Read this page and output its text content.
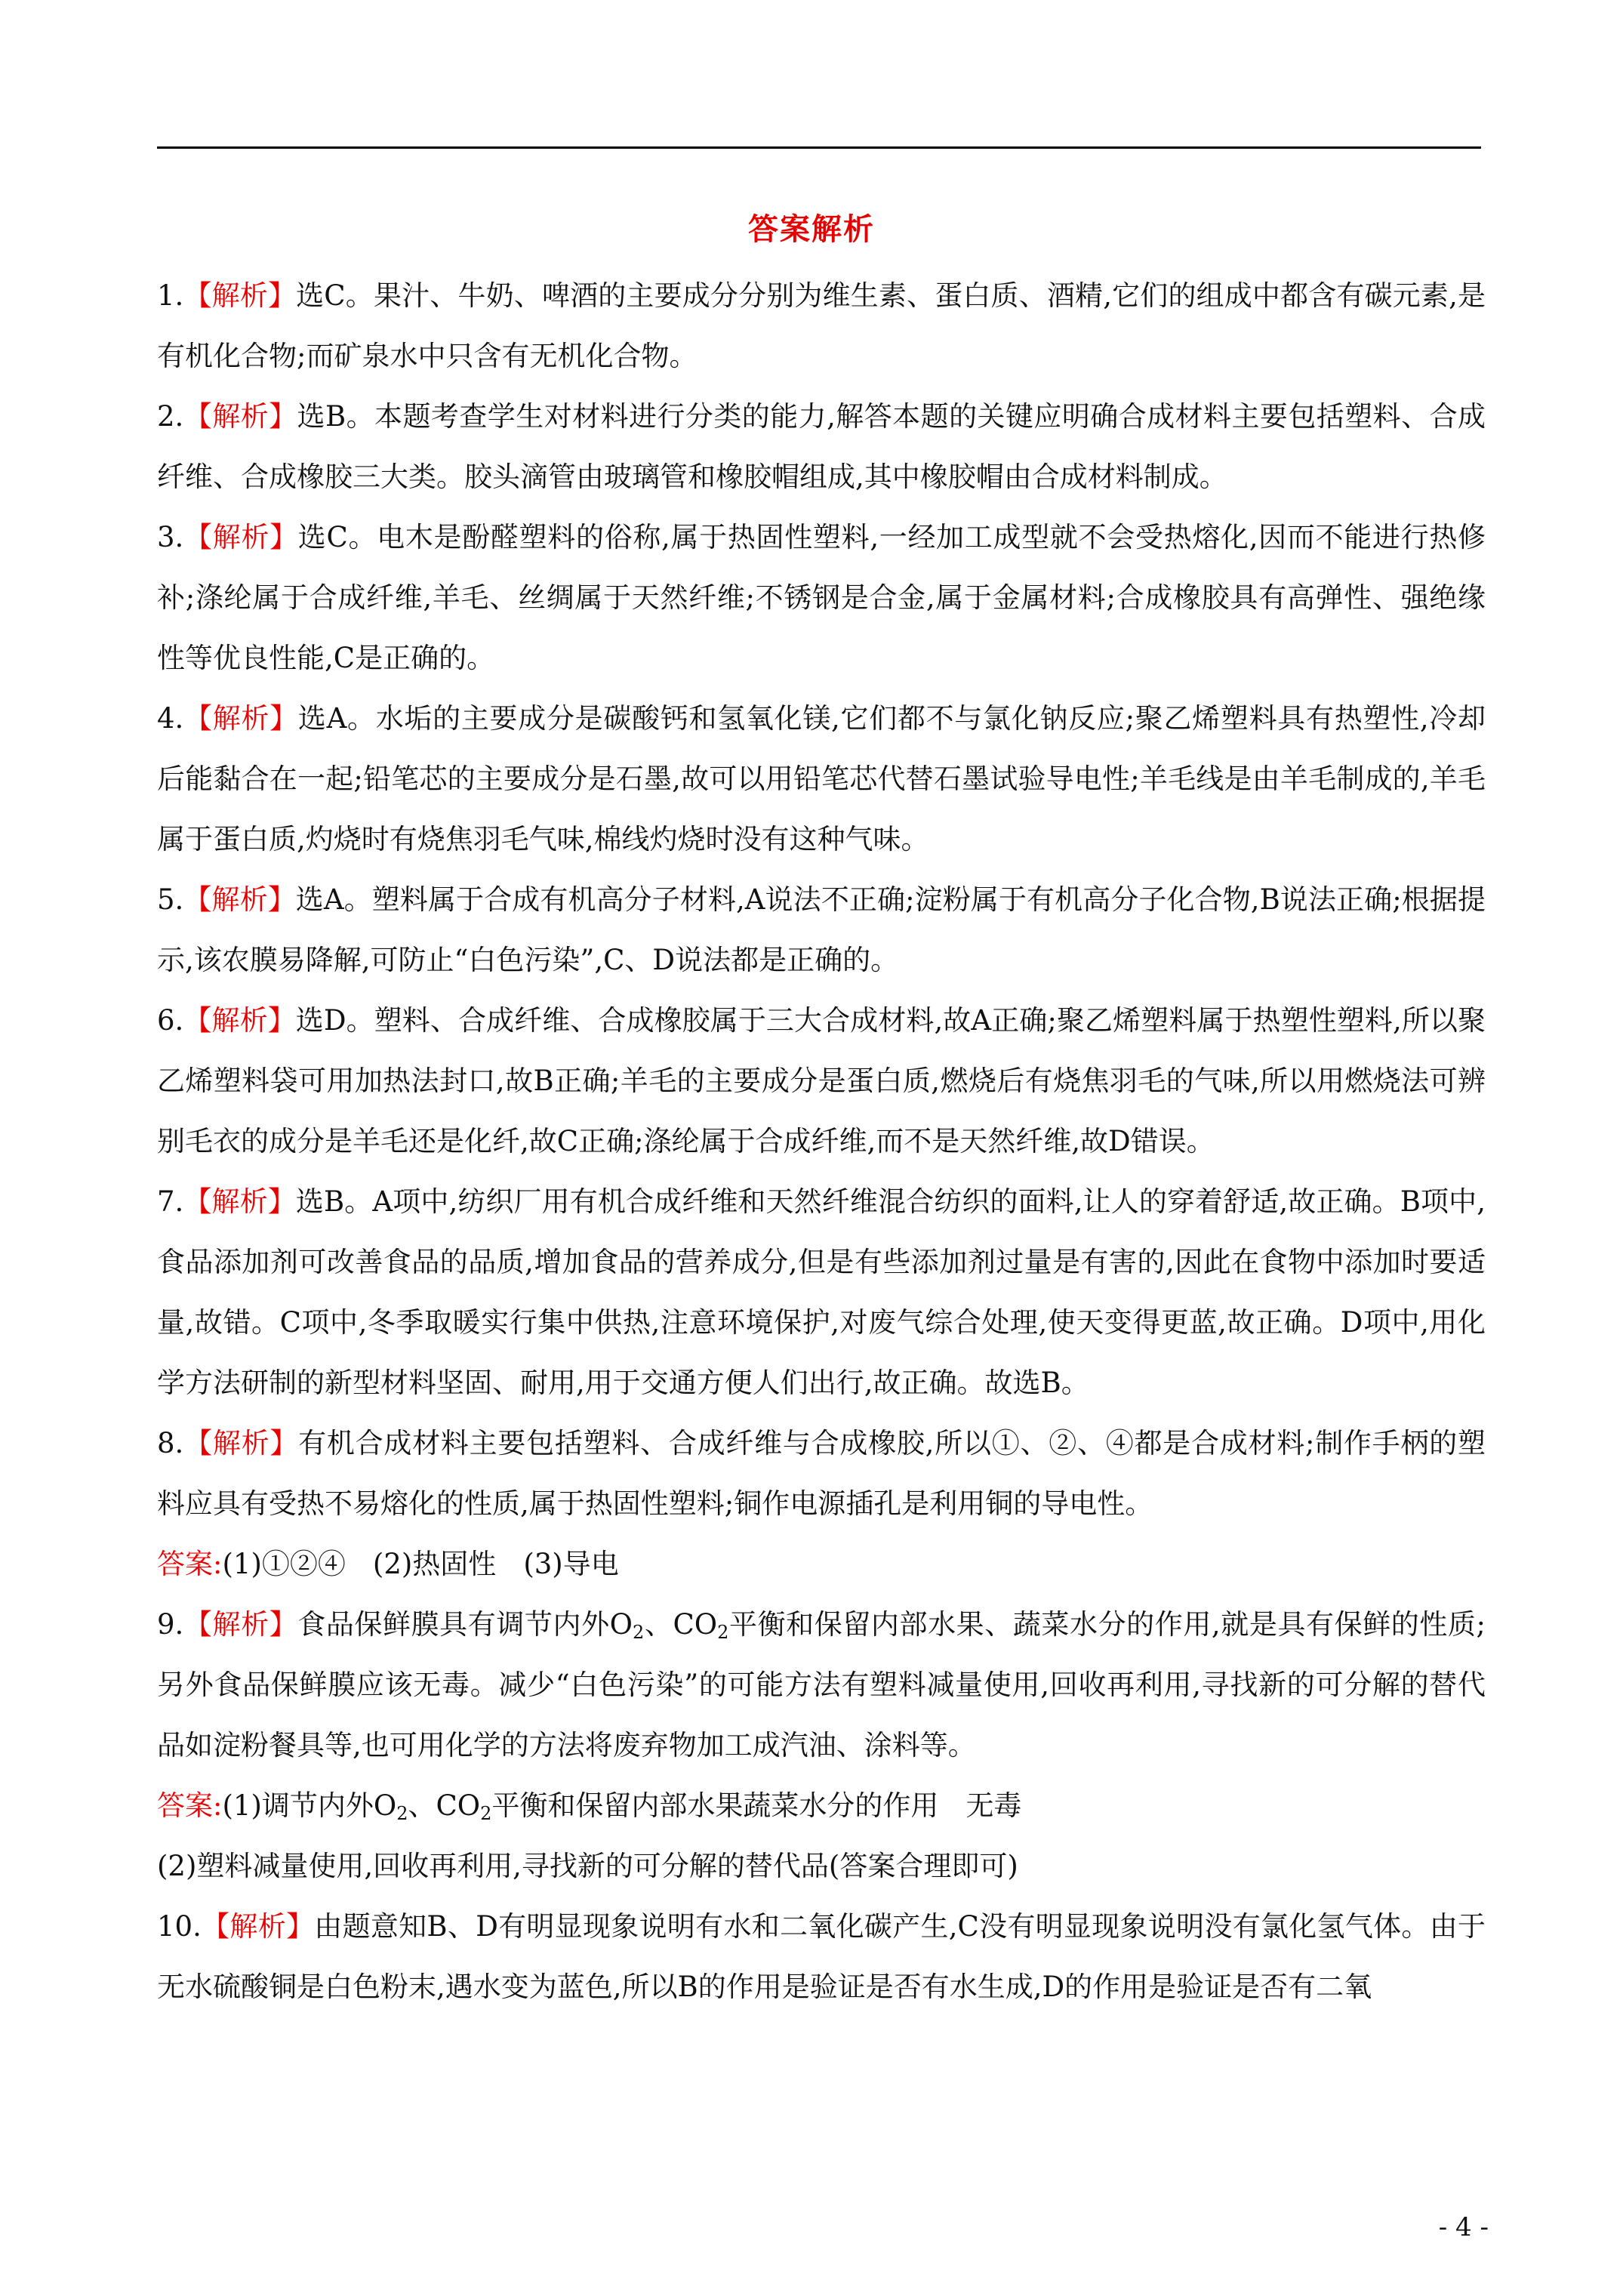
答案解析

1.【解析】选C。果汁、牛奶、啤酒的主要成分分别为维生素、蛋白质、酒精,它们的组成中都含有碳元素,是有机化合物;而矿泉水中只含有无机化合物。

2.【解析】选B。本题考查学生对材料进行分类的能力,解答本题的关键应明确合成材料主要包括塑料、合成纤维、合成橡胶三大类。胶头滴管由玻璃管和橡胶帽组成,其中橡胶帽由合成材料制成。

3.【解析】选C。电木是酚醛塑料的俗称,属于热固性塑料,一经加工成型就不会受热熔化,因而不能进行热修补;涤纶属于合成纤维,羊毛、丝绸属于天然纤维;不锈钢是合金,属于金属材料;合成橡胶具有高弹性、强绝缘性等优良性能,C是正确的。

4.【解析】选A。水垢的主要成分是碳酸钙和氢氧化镁,它们都不与氯化钠反应;聚乙烯塑料具有热塑性,冷却后能黏合在一起;铅笔芯的主要成分是石墨,故可以用铅笔芯代替石墨试验导电性;羊毛线是由羊毛制成的,羊毛属于蛋白质,灼烧时有烧焦羽毛气味,棉线灼烧时没有这种气味。

5.【解析】选A。塑料属于合成有机高分子材料,A说法不正确;淀粉属于有机高分子化合物,B说法正确;根据提示,该农膜易降解,可防止“白色污染”,C、D说法都是正确的。

6.【解析】选D。塑料、合成纤维、合成橡胶属于三大合成材料,故A正确;聚乙烯塑料属于热塑性塑料,所以聚乙烯塑料袋可用加热法封口,故B正确;羊毛的主要成分是蛋白质,燃烧后有烧焦羽毛的气味,所以用燃烧法可辨别毛衣的成分是羊毛还是化纤,故C正确;涤纶属于合成纤维,而不是天然纤维,故D错误。

7.【解析】选B。A项中,纺织厂用有机合成纤维和天然纤维混合纺织的面料,让人的穿着舒适,故正确。B项中,食品添加剂可改善食品的品质,增加食品的营养成分,但是有些添加剂过量是有害的,因此在食物中添加时要适量,故错。C项中,冬季取暖实行集中供热,注意环境保护,对废气综合处理,使天变得更蓝,故正确。D项中,用化学方法研制的新型材料坚固、耐用,用于交通方便人们出行,故正确。故选B。

8.【解析】有机合成材料主要包括塑料、合成纤维与合成橡胶,所以①、②、④都是合成材料;制作手柄的塑料应具有受热不易熔化的性质,属于热固性塑料;铜作电源插孔是利用铜的导电性。

答案:(1)①②④ (2)热固性 (3)导电

9.【解析】食品保鲜膜具有调节内外$O_2$、$CO_2$平衡和保留内部水果、蔬菜水分的作用,就是具有保鲜的性质;另外食品保鲜膜应该无毒。减少“白色污染”的可能方法有塑料减量使用,回收再利用,寻找新的可分解的替代品如淀粉餐具等,也可用化学的方法将废弃物加工成汽油、涂料等。

答案:(1)调节内外$O_2$、$CO_2$平衡和保留内部水果蔬菜水分的作用 无毒

(2)塑料减量使用,回收再利用,寻找新的可分解的替代品(答案合理即可)

10.【解析】由题意知B、D有明显现象说明有水和二氧化碳产生,C没有明显现象说明没有氯化氢气体。由于无水硫酸铜是白色粉末,遇水变为蓝色,所以B的作用是验证是否有水生成,D的作用是验证是否有二氧

- 4 -
